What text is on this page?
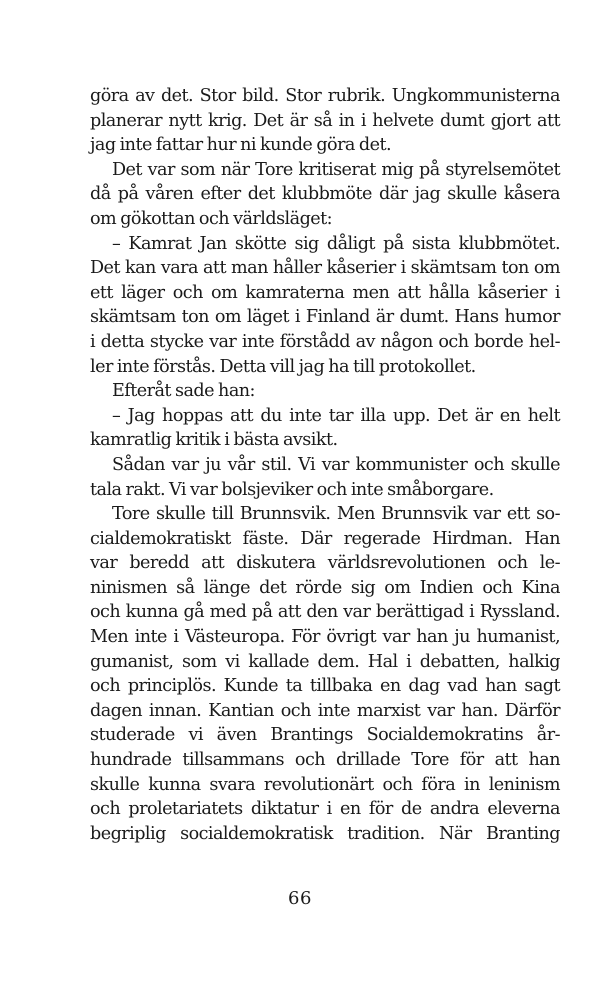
göra av det. Stor bild. Stor rubrik. Ungkommunisterna
planerar nytt krig. Det är så in i helvete dumt gjort att
jag inte fattar hur ni kunde göra det.
Det var som när Tore kritiserat mig på styrelsemötet
då på våren efter det klubbmöte där jag skulle kåsera
om gökottan och världsläget:
– Kamrat Jan skötte sig dåligt på sista klubbmötet.
Det kan vara att man håller kåserier i skämtsam ton om
ett läger och om kamraterna men att hålla kåserier i
skämtsam ton om läget i Finland är dumt. Hans humor
i detta stycke var inte förstådd av någon och borde hel-
ler inte förstås. Detta vill jag ha till protokollet.
Efteråt sade han:
– Jag hoppas att du inte tar illa upp. Det är en helt
kamratlig kritik i bästa avsikt.
Sådan var ju vår stil. Vi var kommunister och skulle
tala rakt. Vi var bolsjeviker och inte småborgare.
Tore skulle till Brunnsvik. Men Brunnsvik var ett so-
cialdemokratiskt fäste. Där regerade Hirdman. Han
var beredd att diskutera världsrevolutionen och le-
ninismen så länge det rörde sig om Indien och Kina
och kunna gå med på att den var berättigad i Ryssland.
Men inte i Västeuropa. För övrigt var han ju humanist,
gumanist, som vi kallade dem. Hal i debatten, halkig
och principlös. Kunde ta tillbaka en dag vad han sagt
dagen innan. Kantian och inte marxist var han. Därför
studerade vi även Brantings Socialdemokratins år-
hundrade tillsammans och drillade Tore för att han
skulle kunna svara revolutionärt och föra in leninism
och proletariatets diktatur i en för de andra eleverna
begriplig socialdemokratisk tradition. När Branting
66
